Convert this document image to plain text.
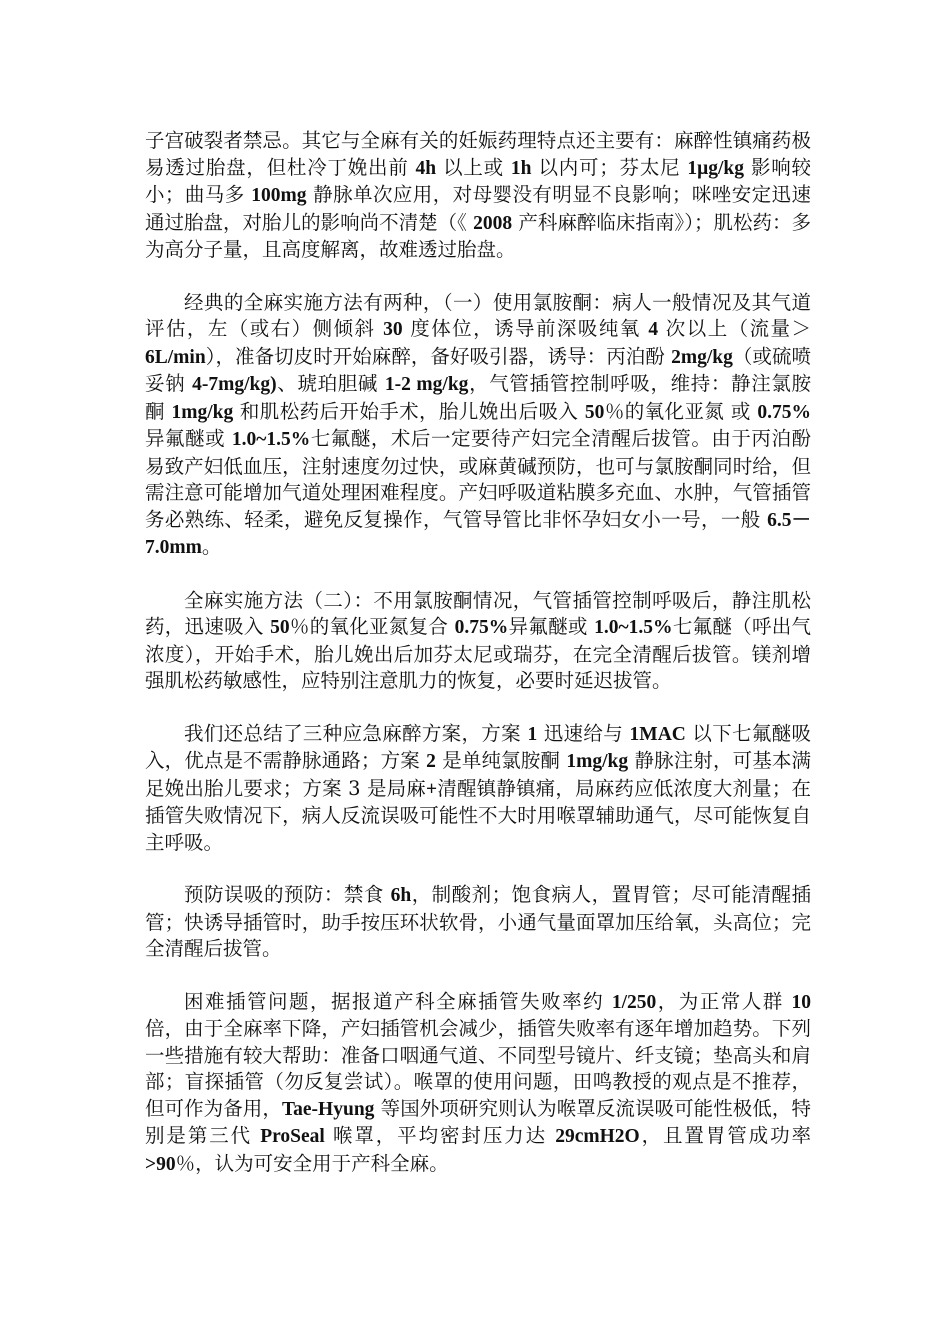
子宫破裂者禁忌。其它与全麻有关的妊娠药理特点还主要有：麻醉性镇痛药极易透过胎盘，但杜冷丁娩出前 4h 以上或 1h 以内可；芬太尼 1μg/kg 影响较小；曲马多 100mg 静脉单次应用，对母婴没有明显不良影响；咪唑安定迅速通过胎盘，对胎儿的影响尚不清楚（《 2008 产科麻醉临床指南》）；肌松药：多为高分子量，且高度解离，故难透过胎盘。

经典的全麻实施方法有两种，（一）使用氯胺酮：病人一般情况及其气道评估，左（或右）侧倾斜 30 度体位，诱导前深吸纯氧 4 次以上（流量＞6L/min），准备切皮时开始麻醉，备好吸引器，诱导：丙泊酚 2mg/kg（或硫喷妥钠 4-7mg/kg)、琥珀胆碱 1-2 mg/kg，气管插管控制呼吸，维持：静注氯胺酮 1mg/kg 和肌松药后开始手术，胎儿娩出后吸入 50％的氧化亚氮 或 0.75%异氟醚或 1.0~1.5%七氟醚，术后一定要待产妇完全清醒后拔管。由于丙泊酚易致产妇低血压，注射速度勿过快，或麻黄碱预防，也可与氯胺酮同时给，但需注意可能增加气道处理困难程度。产妇呼吸道粘膜多充血、水肿，气管插管务必熟练、轻柔，避免反复操作，气管导管比非怀孕妇女小一号，一般 6.5－7.0mm。

全麻实施方法（二）：不用氯胺酮情况，气管插管控制呼吸后，静注肌松药，迅速吸入 50％的氧化亚氮复合 0.75%异氟醚或 1.0~1.5%七氟醚（呼出气浓度），开始手术，胎儿娩出后加芬太尼或瑞芬，在完全清醒后拔管。镁剂增强肌松药敏感性，应特别注意肌力的恢复，必要时延迟拔管。

我们还总结了三种应急麻醉方案，方案 1 迅速给与 1MAC 以下七氟醚吸入，优点是不需静脉通路；方案 2 是单纯氯胺酮 1mg/kg 静脉注射，可基本满足娩出胎儿要求；方案 3 是局麻+清醒镇静镇痛，局麻药应低浓度大剂量；在插管失败情况下，病人反流误吸可能性不大时用喉罩辅助通气，尽可能恢复自主呼吸。

预防误吸的预防：禁食 6h，制酸剂；饱食病人，置胃管；尽可能清醒插管；快诱导插管时，助手按压环状软骨，小通气量面罩加压给氧，头高位；完全清醒后拔管。

困难插管问题，据报道产科全麻插管失败率约 1/250，为正常人群 10 倍，由于全麻率下降，产妇插管机会减少，插管失败率有逐年增加趋势。下列一些措施有较大帮助：准备口咽通气道、不同型号镜片、纤支镜；垫高头和肩部；盲探插管（勿反复尝试）。喉罩的使用问题，田鸣教授的观点是不推荐，但可作为备用，Tae-Hyung 等国外项研究则认为喉罩反流误吸可能性极低，特别是第三代 ProSeal 喉罩，平均密封压力达 29cmH2O，且置胃管成功率>90％，认为可安全用于产科全麻。
